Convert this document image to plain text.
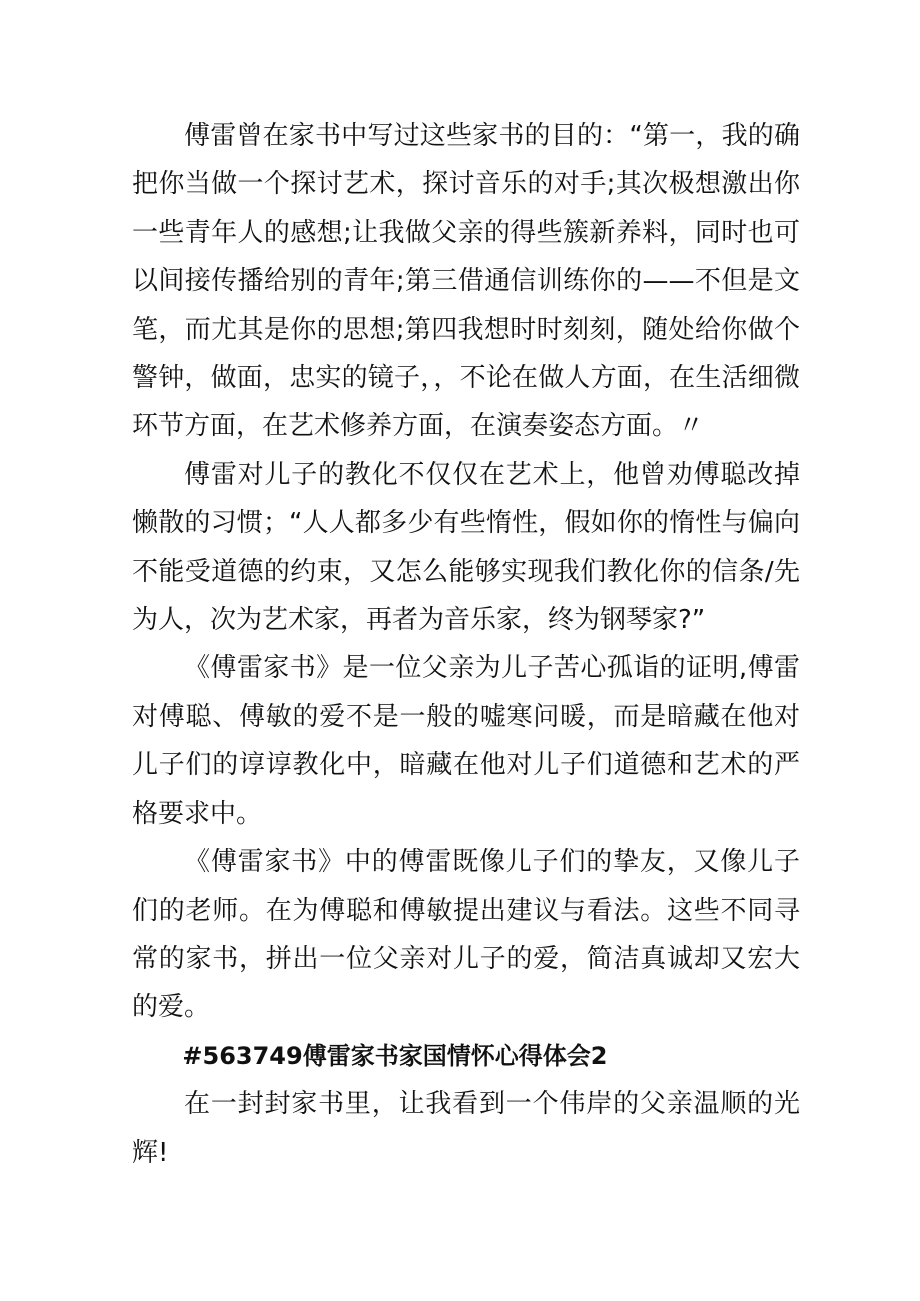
傅雷曾在家书中写过这些家书的目的：“第一，我的确把你当做一个探讨艺术，探讨音乐的对手;其次极想激出你一些青年人的感想;让我做父亲的得些簇新养料，同时也可以间接传播给别的青年;第三借通信训练你的——不但是文笔，而尤其是你的思想;第四我想时时刻刻，随处给你做个警钟，做面，忠实的镜子，，不论在做人方面，在生活细微环节方面，在艺术修养方面，在演奏姿态方面。〃

傅雷对儿子的教化不仅仅在艺术上，他曾劝傅聪改掉懒散的习惯；“人人都多少有些惰性，假如你的惰性与偏向不能受道德的约束，又怎么能够实现我们教化你的信条/先为人，次为艺术家，再者为音乐家，终为钢琴家?”

《傅雷家书》是一位父亲为儿子苦心孤诣的证明,傅雷对傅聪、傅敏的爱不是一般的嘘寒问暖，而是暗藏在他对儿子们的谆谆教化中，暗藏在他对儿子们道德和艺术的严格要求中。

《傅雷家书》中的傅雷既像儿子们的挚友，又像儿子们的老师。在为傅聪和傅敏提出建议与看法。这些不同寻常的家书，拼出一位父亲对儿子的爱，简洁真诚却又宏大的爱。

#563749傅雷家书家国情怀心得体会2

在一封封家书里，让我看到一个伟岸的父亲温顺的光辉!
